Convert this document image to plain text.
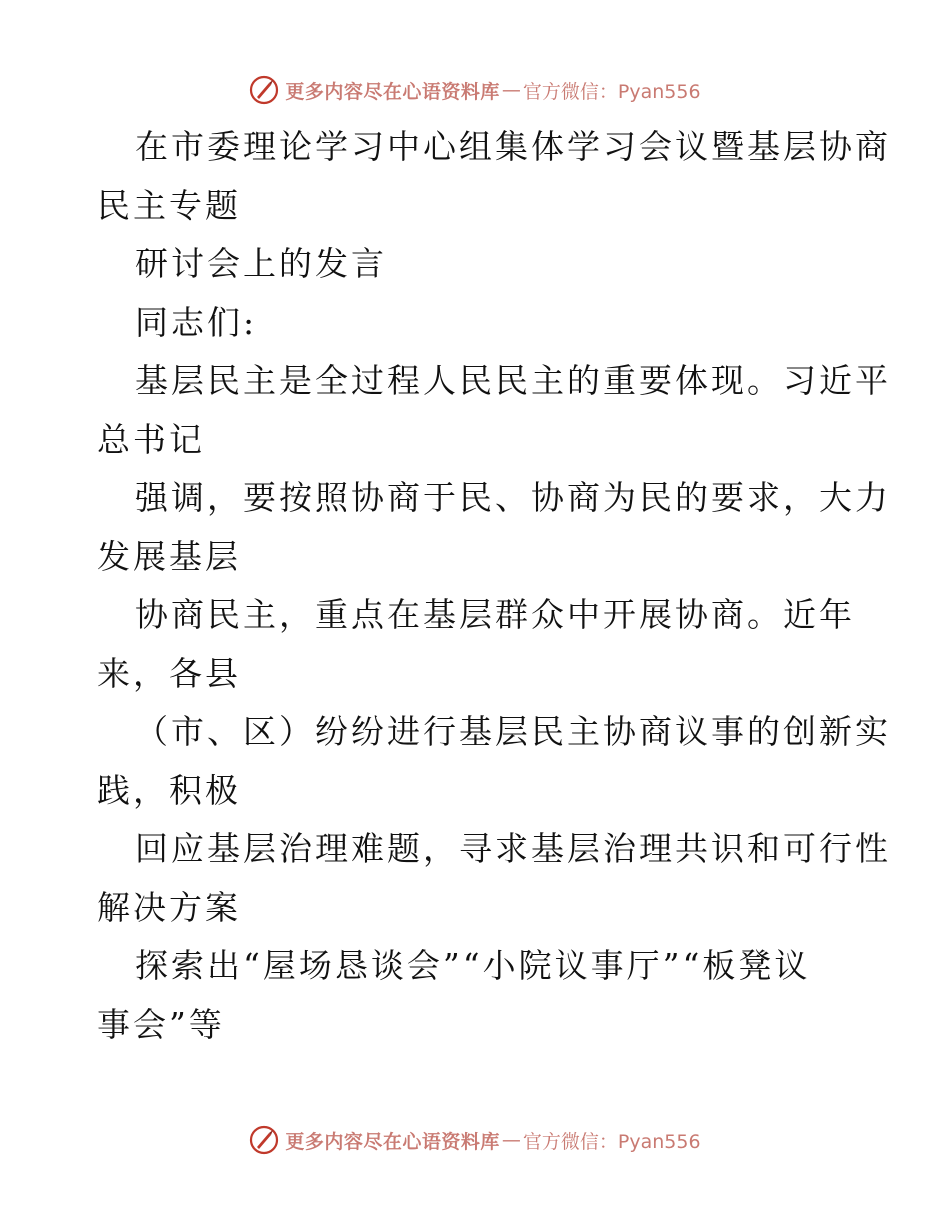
更多内容尽在心语资料库 — 官方微信：Pyan556
在市委理论学习中心组集体学习会议暨基层协商
民主专题
研讨会上的发言
同志们:
基层民主是全过程人民民主的重要体现。习近平
总书记
强调，要按照协商于民、协商为民的要求，大力
发展基层
协商民主，重点在基层群众中开展协商。近年
来，各县
（市、区）纷纷进行基层民主协商议事的创新实
践，积极
回应基层治理难题，寻求基层治理共识和可行性
解决方案
探索出“屋场恳谈会”“小院议事厅”“板凳议
事会”等
更多内容尽在心语资料库 — 官方微信：Pyan556
